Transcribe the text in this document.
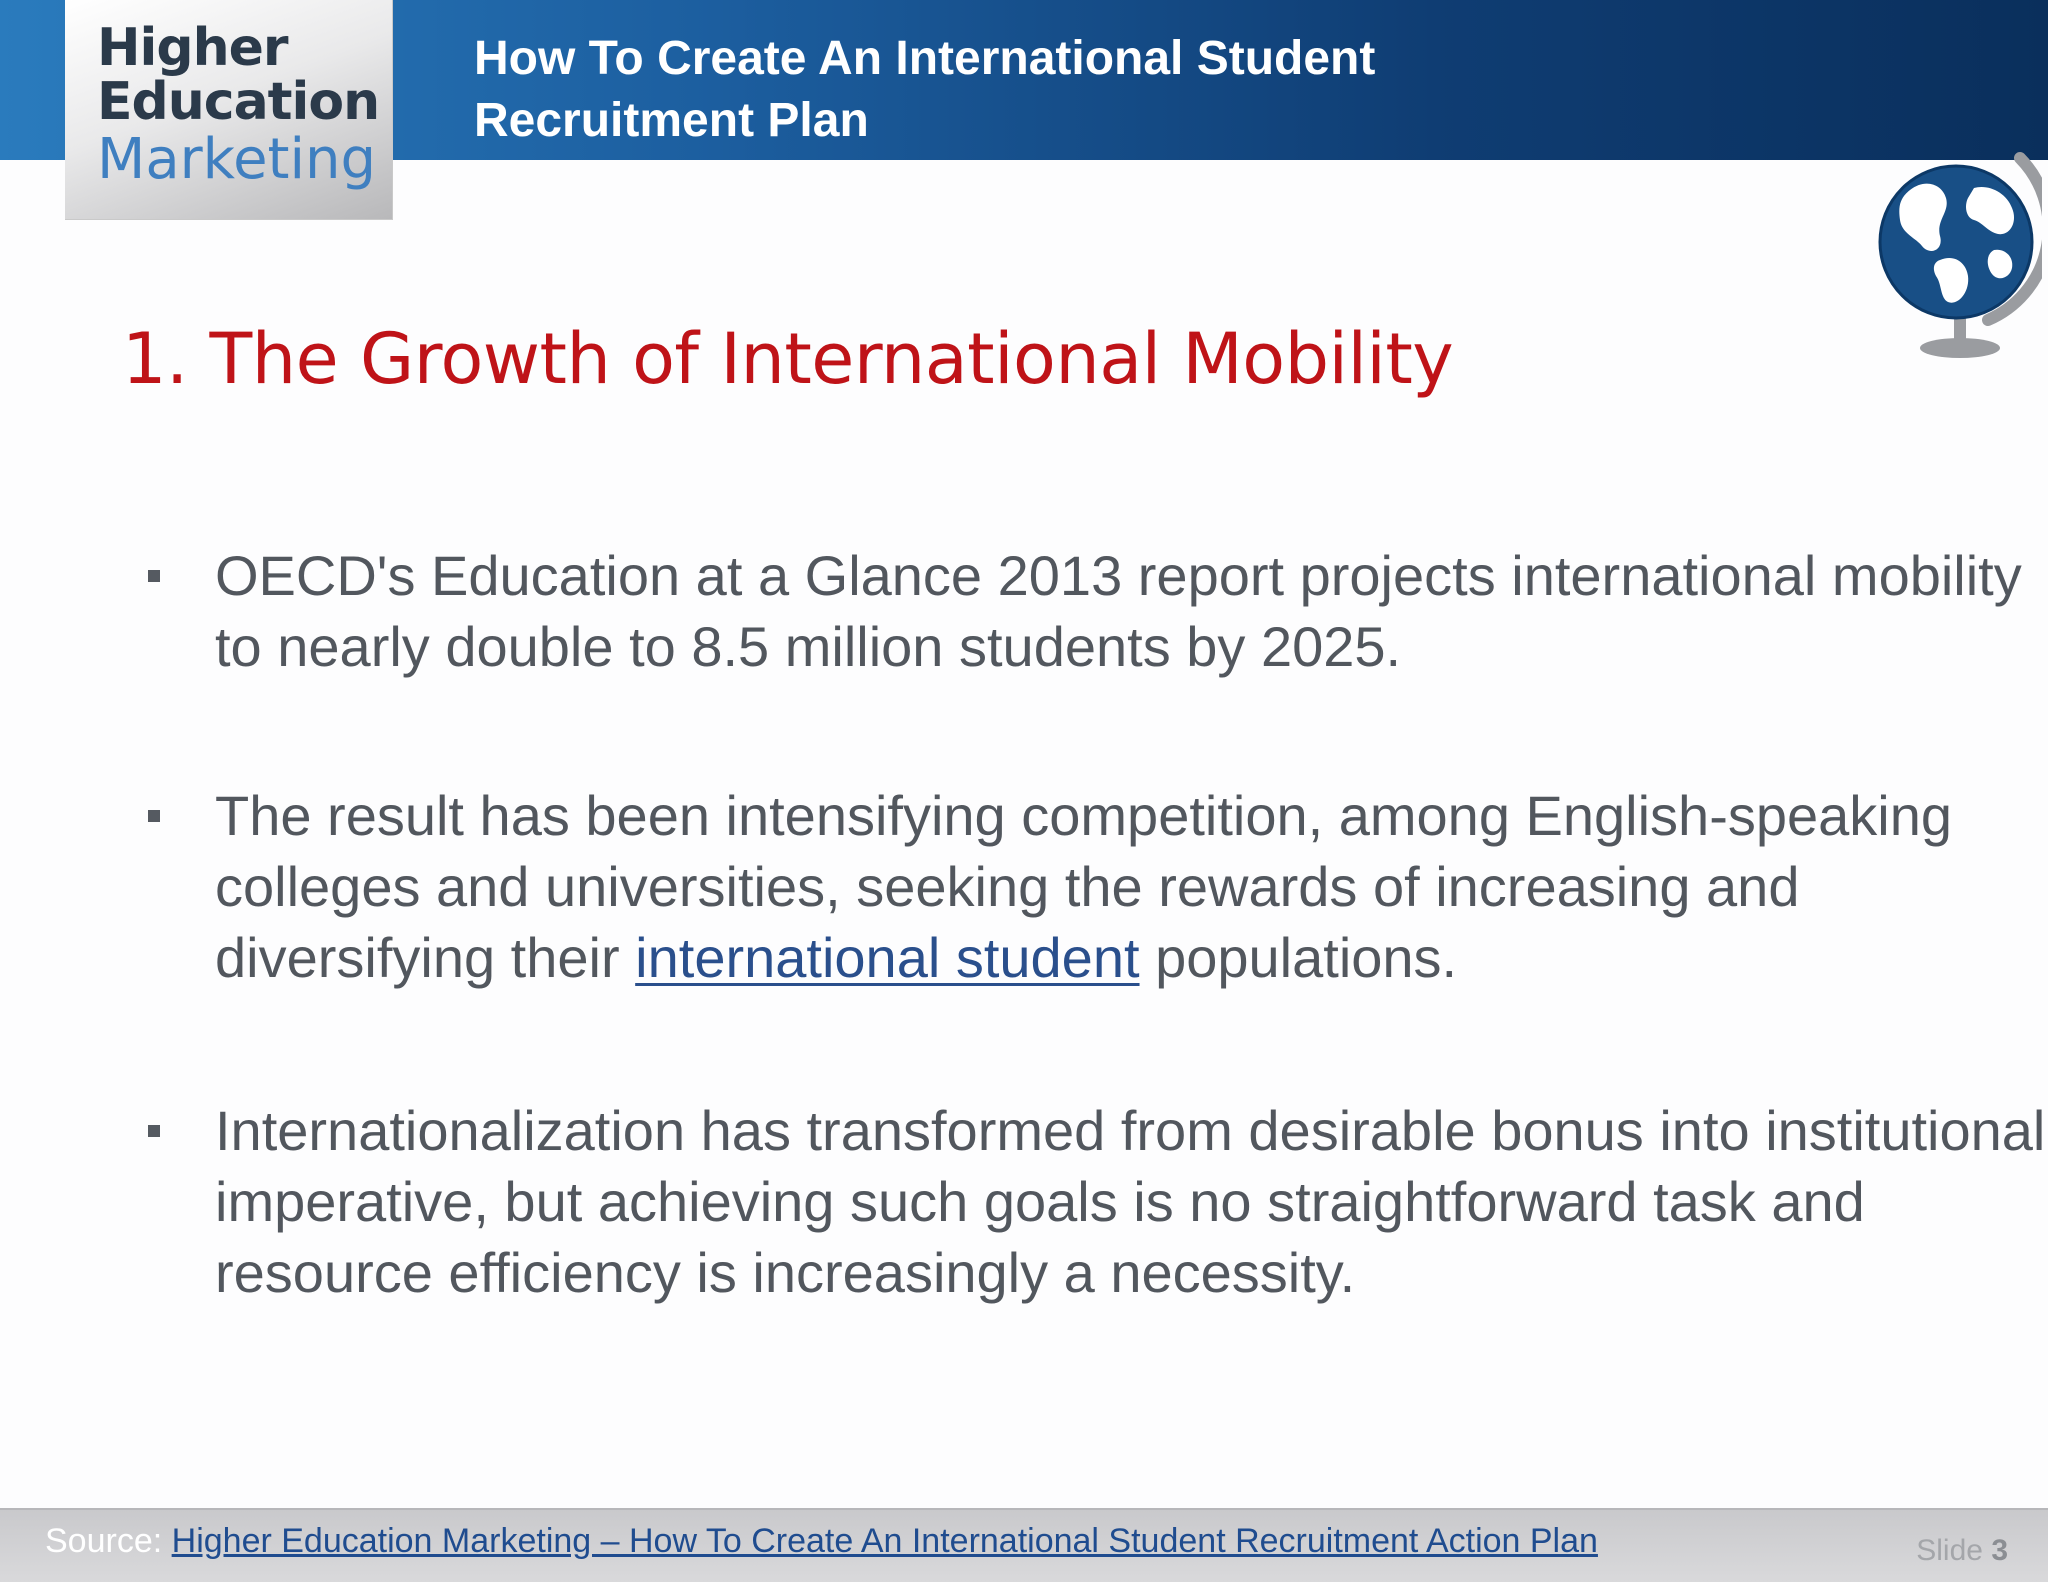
Higher
Education
Marketing
How To Create An International Student
Recruitment Plan
1. The Growth of International Mobility
OECD's Education at a Glance 2013 report projects international mobility to nearly double to 8.5 million students by 2025.
The result has been intensifying competition, among English-speaking colleges and universities, seeking the rewards of increasing and diversifying their international student populations.
Internationalization has transformed from desirable bonus into institutional imperative, but achieving such goals is no straightforward task and resource efficiency is increasingly a necessity.
Source: Higher Education Marketing – How To Create An International Student Recruitment Action Plan	Slide 3
